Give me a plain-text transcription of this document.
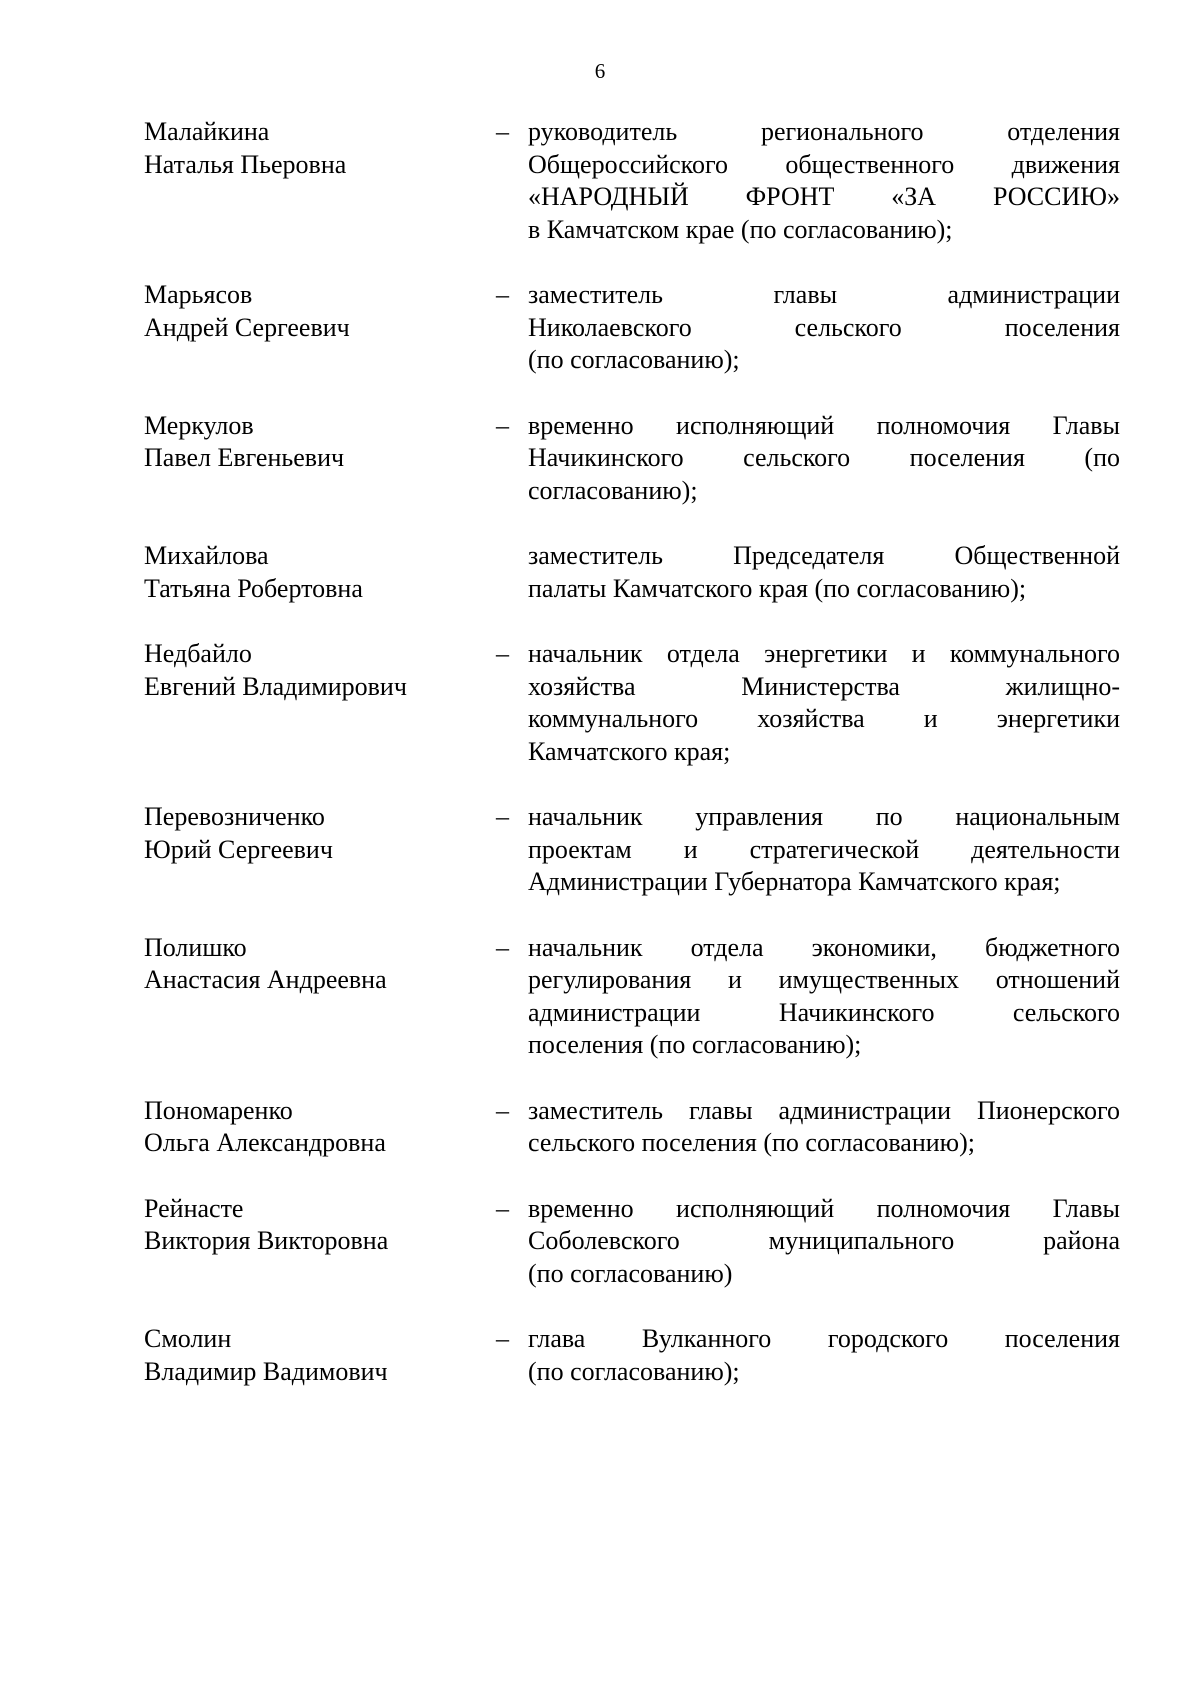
6
Малайкина
Наталья Пьеровна
– руководитель регионального отделения
Общероссийского общественного движения
«НАРОДНЫЙ ФРОНТ «ЗА РОССИЮ»
в Камчатском крае (по согласованию);
Марьясов
Андрей Сергеевич
– заместитель главы администрации
Николаевского сельского поселения
(по согласованию);
Меркулов
Павел Евгеньевич
– временно исполняющий полномочия Главы
Начикинского сельского поселения (по
согласованию);
Михайлова
Татьяна Робертовна
заместитель Председателя Общественной
палаты Камчатского края (по согласованию);
Недбайло
Евгений Владимирович
– начальник отдела энергетики и коммунального
хозяйства Министерства жилищно-
коммунального хозяйства и энергетики
Камчатского края;
Перевозниченко
Юрий Сергеевич
– начальник управления по национальным
проектам и стратегической деятельности
Администрации Губернатора Камчатского края;
Полишко
Анастасия Андреевна
– начальник отдела экономики, бюджетного
регулирования и имущественных отношений
администрации Начикинского сельского
поселения (по согласованию);
Пономаренко
Ольга Александровна
– заместитель главы администрации Пионерского
сельского поселения (по согласованию);
Рейнасте
Виктория Викторовна
– временно исполняющий полномочия Главы
Соболевского муниципального района
(по согласованию)
Смолин
Владимир Вадимович
– глава Вулканного городского поселения
(по согласованию);
